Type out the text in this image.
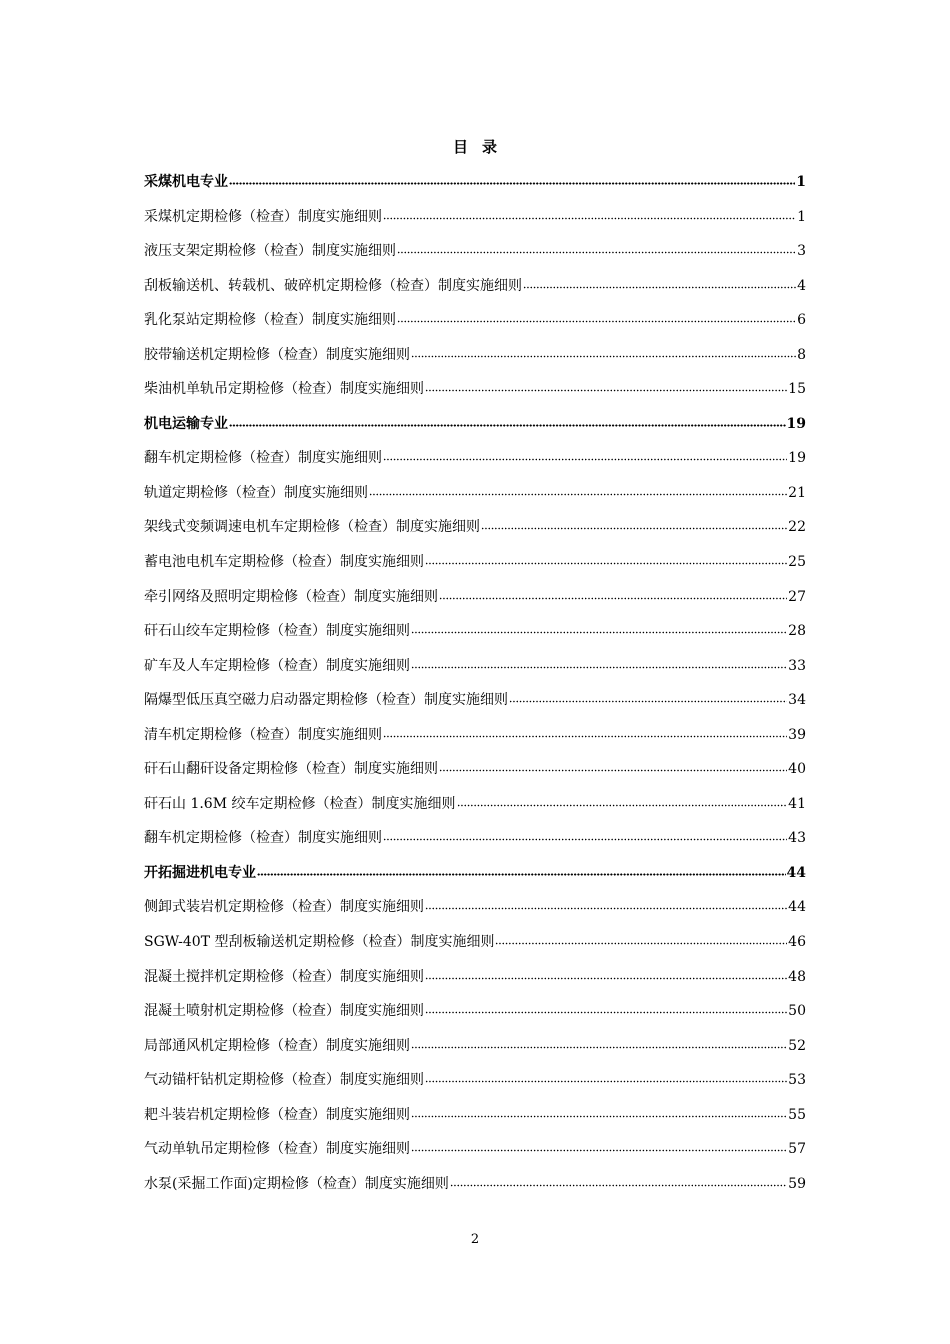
目录
采煤机电专业	1
采煤机定期检修（检查）制度实施细则	1
液压支架定期检修（检查）制度实施细则	3
刮板输送机、转载机、破碎机定期检修（检查）制度实施细则	4
乳化泵站定期检修（检查）制度实施细则	6
胶带输送机定期检修（检查）制度实施细则	8
柴油机单轨吊定期检修（检查）制度实施细则	15
机电运输专业	19
翻车机定期检修（检查）制度实施细则	19
轨道定期检修（检查）制度实施细则	21
架线式变频调速电机车定期检修（检查）制度实施细则	22
蓄电池电机车定期检修（检查）制度实施细则	25
牵引网络及照明定期检修（检查）制度实施细则	27
矸石山绞车定期检修（检查）制度实施细则	28
矿车及人车定期检修（检查）制度实施细则	33
隔爆型低压真空磁力启动器定期检修（检查）制度实施细则	34
清车机定期检修（检查）制度实施细则	39
矸石山翻矸设备定期检修（检查）制度实施细则	40
矸石山 1.6M 绞车定期检修（检查）制度实施细则	41
翻车机定期检修（检查）制度实施细则	43
开拓掘进机电专业	44
侧卸式装岩机定期检修（检查）制度实施细则	44
SGW-40T 型刮板输送机定期检修（检查）制度实施细则	46
混凝土搅拌机定期检修（检查）制度实施细则	48
混凝土喷射机定期检修（检查）制度实施细则	50
局部通风机定期检修（检查）制度实施细则	52
气动锚杆钻机定期检修（检查）制度实施细则	53
耙斗装岩机定期检修（检查）制度实施细则	55
气动单轨吊定期检修（检查）制度实施细则	57
水泵(采掘工作面)定期检修（检查）制度实施细则	59
2
